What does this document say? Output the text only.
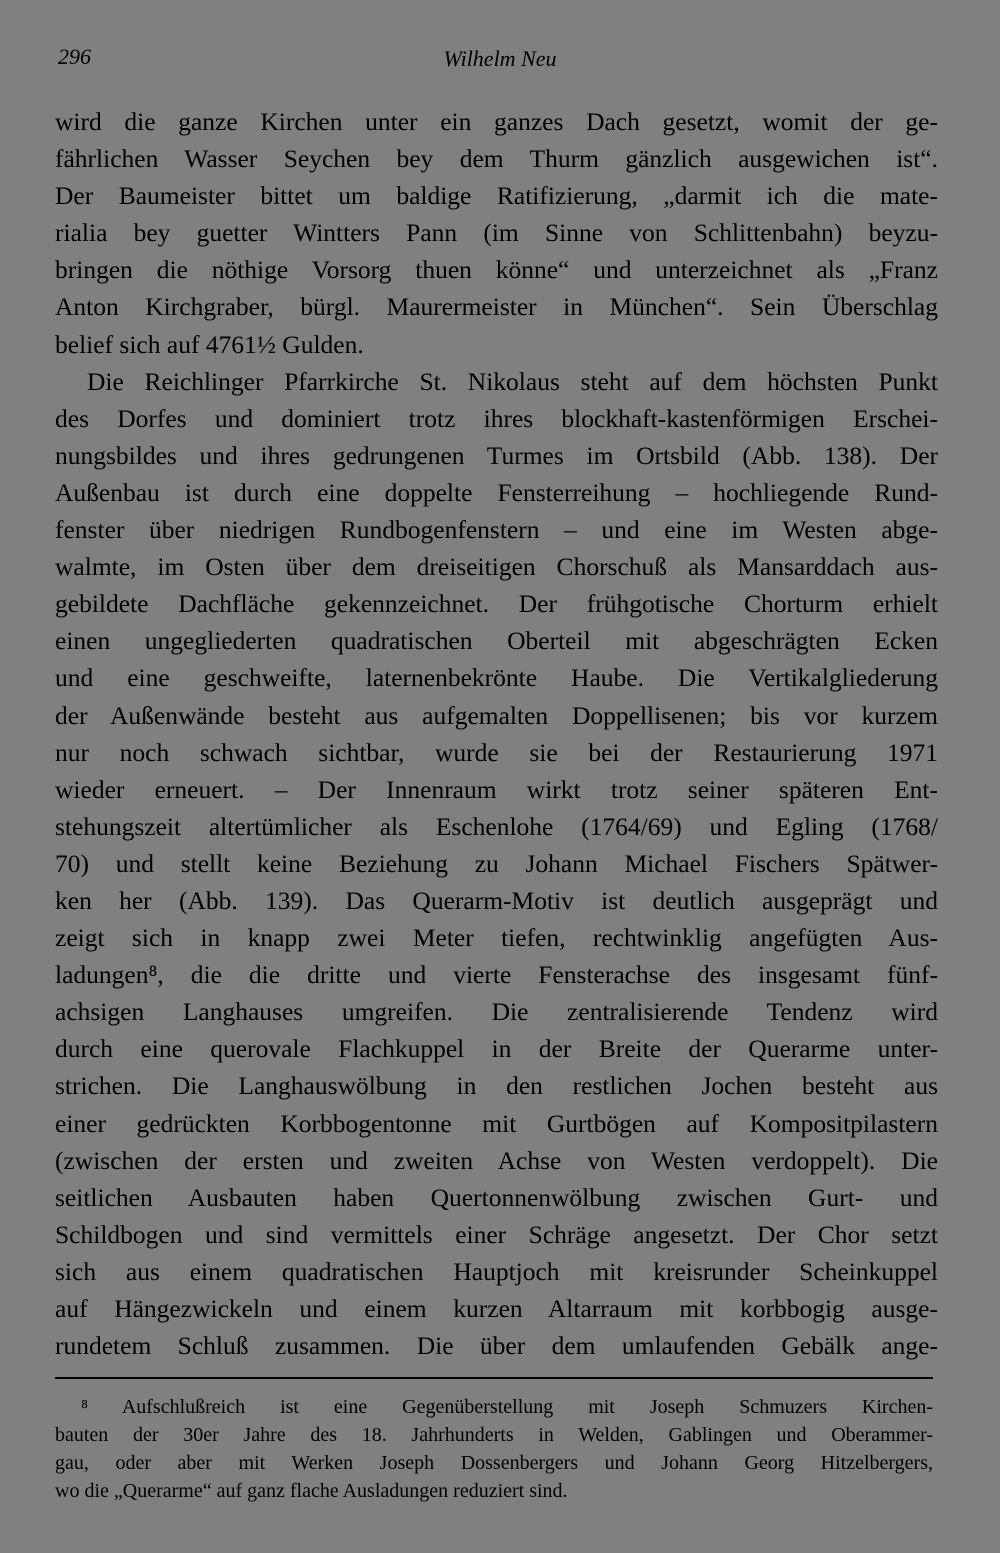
296	Wilhelm Neu
wird die ganze Kirchen unter ein ganzes Dach gesetzt, womit der ge-
fährlichen Wasser Seychen bey dem Thurm gänzlich ausgewichen ist“.
Der Baumeister bittet um baldige Ratifizierung, „darmit ich die mate-
rialia bey guetter Wintters Pann (im Sinne von Schlittenbahn) beyzu-
bringen die nöthige Vorsorg thuen könne“ und unterzeichnet als „Franz
Anton Kirchgraber, bürgl. Maurermeister in München“. Sein Überschlag
belief sich auf 4761½ Gulden.
Die Reichlinger Pfarrkirche St. Nikolaus steht auf dem höchsten Punkt
des Dorfes und dominiert trotz ihres blockhaft-kastenförmigen Erschei-
nungsbildes und ihres gedrungenen Turmes im Ortsbild (Abb. 138). Der
Außenbau ist durch eine doppelte Fensterreihung – hochliegende Rund-
fenster über niedrigen Rundbogenfenstern – und eine im Westen abge-
walmte, im Osten über dem dreiseitigen Chorschuß als Mansarddach aus-
gebildete Dachfläche gekennzeichnet. Der frühgotische Chorturm erhielt
einen ungegliederten quadratischen Oberteil mit abgeschrägten Ecken
und eine geschweifte, laternenbekrönte Haube. Die Vertikalgliederung
der Außenwände besteht aus aufgemalten Doppellisenen; bis vor kurzem
nur noch schwach sichtbar, wurde sie bei der Restaurierung 1971
wieder erneuert. – Der Innenraum wirkt trotz seiner späteren Ent-
stehungszeit altertümlicher als Eschenlohe (1764/69) und Egling (1768/
70) und stellt keine Beziehung zu Johann Michael Fischers Spätwer-
ken her (Abb. 139). Das Querarm-Motiv ist deutlich ausgeprägt und
zeigt sich in knapp zwei Meter tiefen, rechtwinklig angefügten Aus-
ladungen⁸, die die dritte und vierte Fensterachse des insgesamt fünf-
achsigen Langhauses umgreifen. Die zentralisierende Tendenz wird
durch eine querovale Flachkuppel in der Breite der Querarme unter-
strichen. Die Langhauswölbung in den restlichen Jochen besteht aus
einer gedrückten Korbbogentonne mit Gurtbögen auf Kompositpilastern
(zwischen der ersten und zweiten Achse von Westen verdoppelt). Die
seitlichen Ausbauten haben Quertonnenwölbung zwischen Gurt- und
Schildbogen und sind vermittels einer Schräge angesetzt. Der Chor setzt
sich aus einem quadratischen Hauptjoch mit kreisrunder Scheinkuppel
auf Hängezwickeln und einem kurzen Altarraum mit korbbogig ausge-
rundetem Schluß zusammen. Die über dem umlaufenden Gebälk ange-
⁸ Aufschlußreich ist eine Gegenüberstellung mit Joseph Schmuzers Kirchen-
bauten der 30er Jahre des 18. Jahrhunderts in Welden, Gablingen und Oberammer-
gau, oder aber mit Werken Joseph Dossenbergers und Johann Georg Hitzelbergers,
wo die „Querarme“ auf ganz flache Ausladungen reduziert sind.
